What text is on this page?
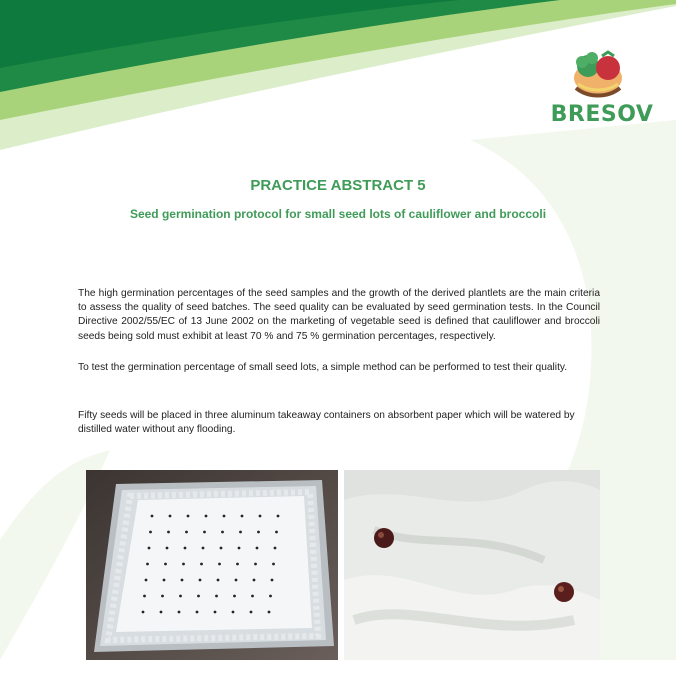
BRESOV
PRACTICE ABSTRACT 5
Seed germination protocol for small seed lots of cauliflower and broccoli
The high germination percentages of the seed samples and the growth of the derived plantlets are the main criteria to assess the quality of seed batches. The seed quality can be evaluated by seed germination tests. In the Council Directive 2002/55/EC of 13 June 2002 on the marketing of vegetable seed is defined that cauliflower and broccoli seeds being sold must exhibit at least 70 % and 75 % germination percentages, respectively.
To test the germination percentage of small seed lots, a simple method can be performed to test their quality.
Fifty seeds will be placed in three aluminum takeaway containers on absorbent paper which will be watered by distilled water without any flooding.
